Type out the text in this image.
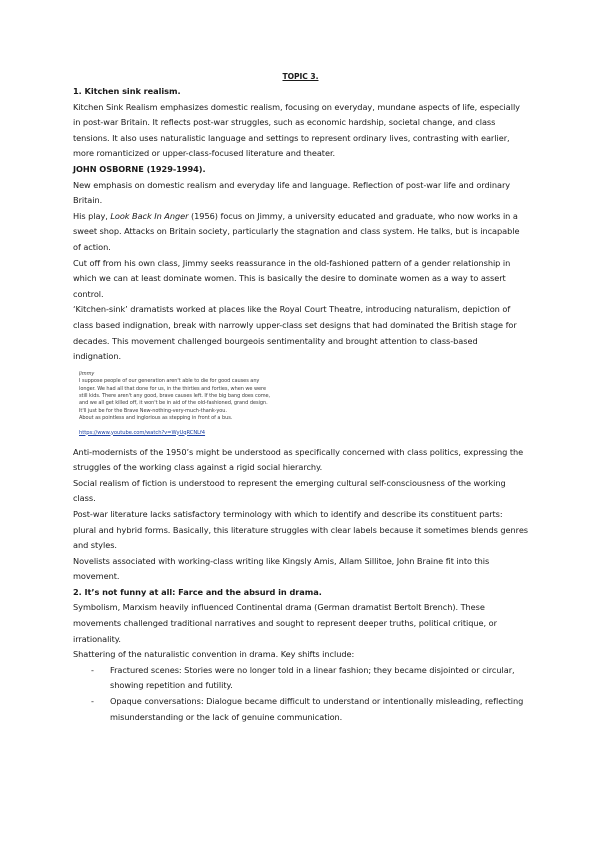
TOPIC 3.

1. Kitchen sink realism.

Kitchen Sink Realism emphasizes domestic realism, focusing on everyday, mundane aspects of life, especially in post-war Britain. It reflects post-war struggles, such as economic hardship, societal change, and class tensions. It also uses naturalistic language and settings to represent ordinary lives, contrasting with earlier, more romanticized or upper-class-focused literature and theater.

JOHN OSBORNE (1929-1994).

New emphasis on domestic realism and everyday life and language. Reflection of post-war life and ordinary Britain.

His play, Look Back In Anger (1956) focus on Jimmy, a university educated and graduate, who now works in a sweet shop. Attacks on Britain society, particularly the stagnation and class system. He talks, but is incapable of action.

Cut off from his own class, Jimmy seeks reassurance in the old-fashioned pattern of a gender relationship in which we can at least dominate women. This is basically the desire to dominate women as a way to assert control.

‘Kitchen-sink’ dramatists worked at places like the Royal Court Theatre, introducing naturalism, depiction of class based indignation, break with narrowly upper-class set designs that had dominated the British stage for decades. This movement challenged bourgeois sentimentality and brought attention to class-based indignation.

Jimmy
I suppose people of our generation aren't able to die for good causes any
longer. We had all that done for us, in the thirties and forties, when we were
still kids. There aren't any good, brave causes left. If the big bang does come,
and we all get killed off, it won't be in aid of the old-fashioned, grand design.
It'll just be for the Brave New-nothing-very-much-thank-you.
About as pointless and inglorious as stepping in front of a bus.
https://www.youtube.com/watch?v=WyUqRCNLf4

Anti-modernists of the 1950’s might be understood as specifically concerned with class politics, expressing the struggles of the working class against a rigid social hierarchy.

Social realism of fiction is understood to represent the emerging cultural self-consciousness of the working class.

Post-war literature lacks satisfactory terminology with which to identify and describe its constituent parts: plural and hybrid forms. Basically, this literature struggles with clear labels because it sometimes blends genres and styles.

Novelists associated with working-class writing like Kingsly Amis, Allam Sillitoe, John Braine fit into this movement.

2. It’s not funny at all: Farce and the absurd in drama.

Symbolism, Marxism heavily influenced Continental drama (German dramatist Bertolt Brench). These movements challenged traditional narratives and sought to represent deeper truths, political critique, or irrationality.

Shattering of the naturalistic convention in drama. Key shifts include:

- Fractured scenes: Stories were no longer told in a linear fashion; they became disjointed or circular, showing repetition and futility.
- Opaque conversations: Dialogue became difficult to understand or intentionally misleading, reflecting misunderstanding or the lack of genuine communication.
